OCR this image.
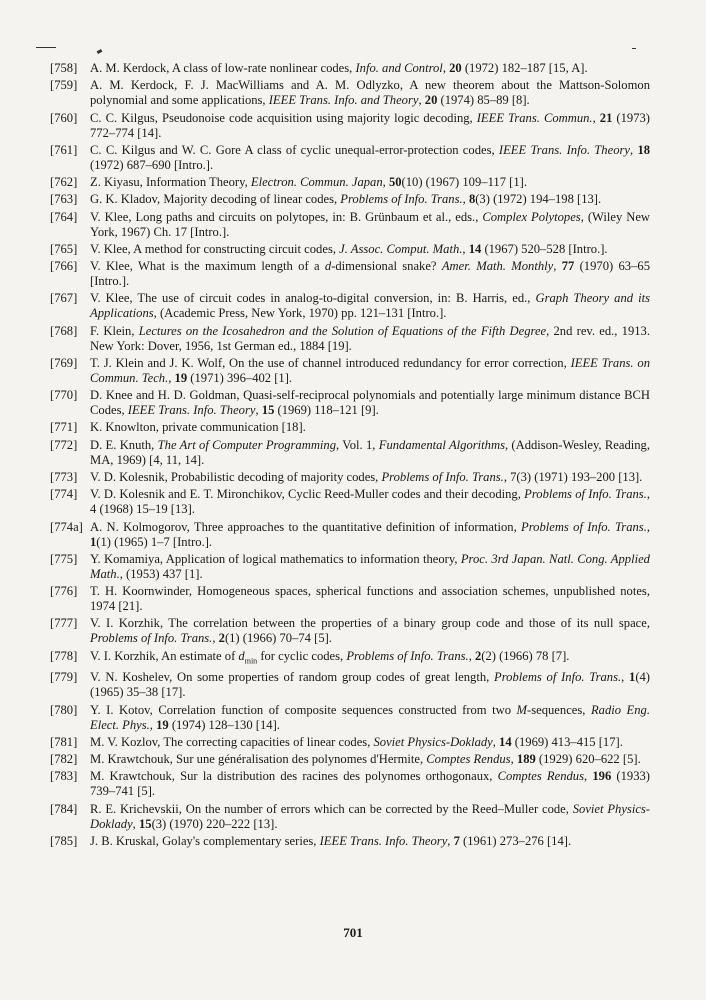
[758]	A. M. Kerdock, A class of low-rate nonlinear codes, Info. and Control, 20 (1972) 182–187 [15, A].
[759]	A. M. Kerdock, F. J. MacWilliams and A. M. Odlyzko, A new theorem about the Mattson-Solomon polynomial and some applications, IEEE Trans. Info. and Theory, 20 (1974) 85–89 [8].
[760]	C. C. Kilgus, Pseudonoise code acquisition using majority logic decoding, IEEE Trans. Commun., 21 (1973) 772–774 [14].
[761]	C. C. Kilgus and W. C. Gore A class of cyclic unequal-error-protection codes, IEEE Trans. Info. Theory, 18 (1972) 687–690 [Intro.].
[762]	Z. Kiyasu, Information Theory, Electron. Commun. Japan, 50(10) (1967) 109–117 [1].
[763]	G. K. Kladov, Majority decoding of linear codes, Problems of Info. Trans., 8(3) (1972) 194–198 [13].
[764]	V. Klee, Long paths and circuits on polytopes, in: B. Grünbaum et al., eds., Complex Polytopes, (Wiley New York, 1967) Ch. 17 [Intro.].
[765]	V. Klee, A method for constructing circuit codes, J. Assoc. Comput. Math., 14 (1967) 520–528 [Intro.].
[766]	V. Klee, What is the maximum length of a d-dimensional snake? Amer. Math. Monthly, 77 (1970) 63–65 [Intro.].
[767]	V. Klee, The use of circuit codes in analog-to-digital conversion, in: B. Harris, ed., Graph Theory and its Applications, (Academic Press, New York, 1970) pp. 121–131 [Intro.].
[768]	F. Klein, Lectures on the Icosahedron and the Solution of Equations of the Fifth Degree, 2nd rev. ed., 1913. New York: Dover, 1956, 1st German ed., 1884 [19].
[769]	T. J. Klein and J. K. Wolf, On the use of channel introduced redundancy for error correction, IEEE Trans. on Commun. Tech., 19 (1971) 396–402 [1].
[770]	D. Knee and H. D. Goldman, Quasi-self-reciprocal polynomials and potentially large minimum distance BCH Codes, IEEE Trans. Info. Theory, 15 (1969) 118–121 [9].
[771]	K. Knowlton, private communication [18].
[772]	D. E. Knuth, The Art of Computer Programming, Vol. 1, Fundamental Algorithms, (Addison-Wesley, Reading, MA, 1969) [4, 11, 14].
[773]	V. D. Kolesnik, Probabilistic decoding of majority codes, Problems of Info. Trans., 7(3) (1971) 193–200 [13].
[774]	V. D. Kolesnik and E. T. Mironchikov, Cyclic Reed-Muller codes and their decoding, Problems of Info. Trans., 4 (1968) 15–19 [13].
[774a] A. N. Kolmogorov, Three approaches to the quantitative definition of information, Problems of Info. Trans., 1(1) (1965) 1–7 [Intro.].
[775]	Y. Komamiya, Application of logical mathematics to information theory, Proc. 3rd Japan. Natl. Cong. Applied Math., (1953) 437 [1].
[776]	T. H. Koornwinder, Homogeneous spaces, spherical functions and association schemes, unpublished notes, 1974 [21].
[777]	V. I. Korzhik, The correlation between the properties of a binary group code and those of its null space, Problems of Info. Trans., 2(1) (1966) 70–74 [5].
[778]	V. I. Korzhik, An estimate of $d_{min}$ for cyclic codes, Problems of Info. Trans., 2(2) (1966) 78 [7].
[779]	V. N. Koshelev, On some properties of random group codes of great length, Problems of Info. Trans., 1(4) (1965) 35–38 [17].
[780]	Y. I. Kotov, Correlation function of composite sequences constructed from two M-sequences, Radio Eng. Elect. Phys., 19 (1974) 128–130 [14].
[781]	M. V. Kozlov, The correcting capacities of linear codes, Soviet Physics-Doklady, 14 (1969) 413–415 [17].
[782]	M. Krawtchouk, Sur une généralisation des polynomes d'Hermite, Comptes Rendus, 189 (1929) 620–622 [5].
[783]	M. Krawtchouk, Sur la distribution des racines des polynomes orthogonaux, Comptes Rendus, 196 (1933) 739–741 [5].
[784]	R. E. Krichevskii, On the number of errors which can be corrected by the Reed–Muller code, Soviet Physics-Doklady, 15(3) (1970) 220–222 [13].
[785]	J. B. Kruskal, Golay's complementary series, IEEE Trans. Info. Theory, 7 (1961) 273–276 [14].
701
